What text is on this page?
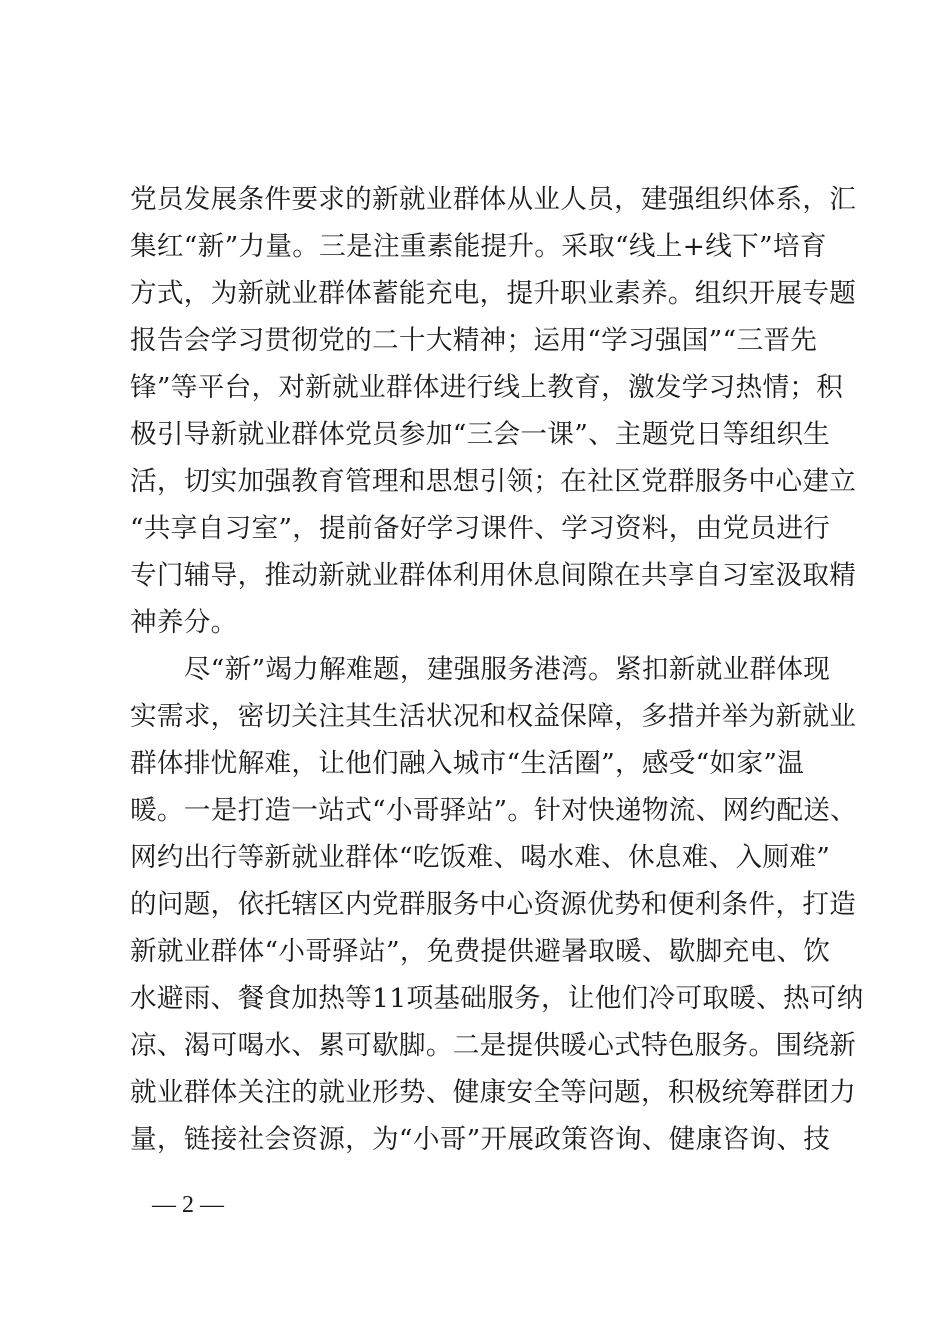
党员发展条件要求的新就业群体从业人员，建强组织体系，汇
集红“新”力量。三是注重素能提升。采取“线上+线下”培育
方式，为新就业群体蓄能充电，提升职业素养。组织开展专题
报告会学习贯彻党的二十大精神；运用“学习强国”“三晋先
锋”等平台，对新就业群体进行线上教育，激发学习热情；积
极引导新就业群体党员参加“三会一课”、主题党日等组织生
活，切实加强教育管理和思想引领；在社区党群服务中心建立
“共享自习室”，提前备好学习课件、学习资料，由党员进行
专门辅导，推动新就业群体利用休息间隙在共享自习室汲取精
神养分。
　　尽“新”竭力解难题，建强服务港湾。紧扣新就业群体现
实需求，密切关注其生活状况和权益保障，多措并举为新就业
群体排忧解难，让他们融入城市“生活圈”，感受“如家”温
暖。一是打造一站式“小哥驿站”。针对快递物流、网约配送、
网约出行等新就业群体“吃饭难、喝水难、休息难、入厕难”
的问题，依托辖区内党群服务中心资源优势和便利条件，打造
新就业群体“小哥驿站”，免费提供避暑取暖、歇脚充电、饮
水避雨、餐食加热等11项基础服务，让他们冷可取暖、热可纳
凉、渴可喝水、累可歇脚。二是提供暖心式特色服务。围绕新
就业群体关注的就业形势、健康安全等问题，积极统筹群团力
量，链接社会资源，为“小哥”开展政策咨询、健康咨询、技
— 2 —
